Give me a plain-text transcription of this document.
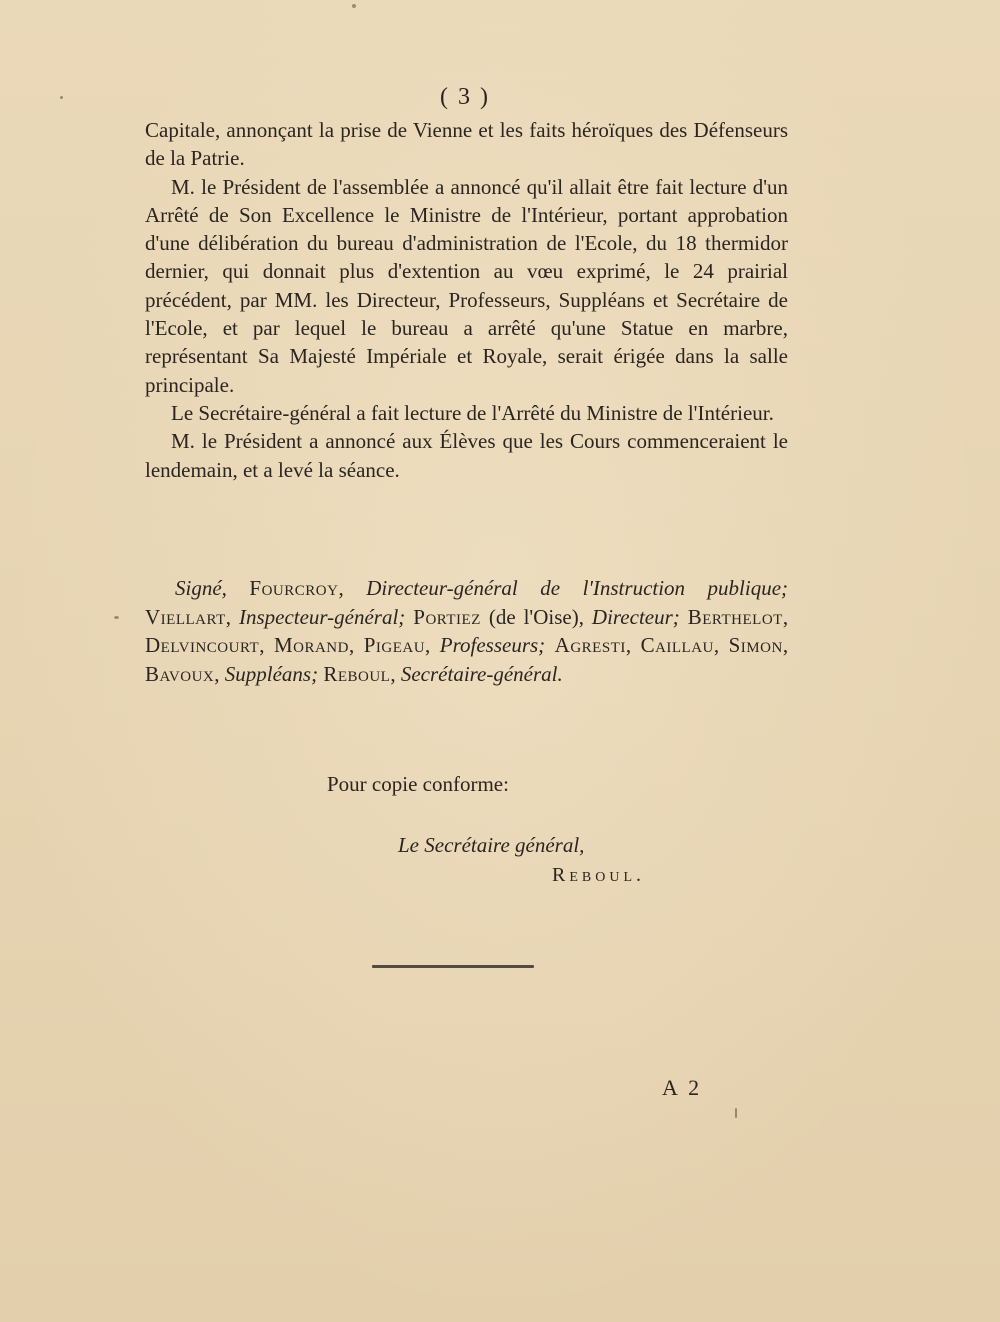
( 3 )

Capitale, annonçant la prise de Vienne et les faits héroïques des Défenseurs de la Patrie.

M. le Président de l'assemblée a annoncé qu'il allait être fait lecture d'un Arrêté de Son Excellence le Ministre de l'Intérieur, portant approbation d'une délibération du bureau d'administration de l'Ecole, du 18 thermidor dernier, qui donnait plus d'extention au vœu exprimé, le 24 prairial précédent, par MM. les Directeur, Professeurs, Suppléans et Secrétaire de l'Ecole, et par lequel le bureau a arrêté qu'une Statue en marbre, représentant Sa Majesté Impériale et Royale, serait érigée dans la salle principale.

Le Secrétaire-général a fait lecture de l'Arrêté du Ministre de l'Intérieur.

M. le Président a annoncé aux Élèves que les Cours commenceraient le lendemain, et a levé la séance.

Signé, Fourcroy, Directeur-général de l'Instruction publique; Viellart, Inspecteur-général; Portiez (de l'Oise), Directeur; Berthelot, Delvincourt, Morand, Pigeau, Professeurs; Agresti, Caillau, Simon, Bavoux, Suppléans; Reboul, Secrétaire-général.
Pour copie conforme:
Le Secrétaire général,
Reboul.
A 2
